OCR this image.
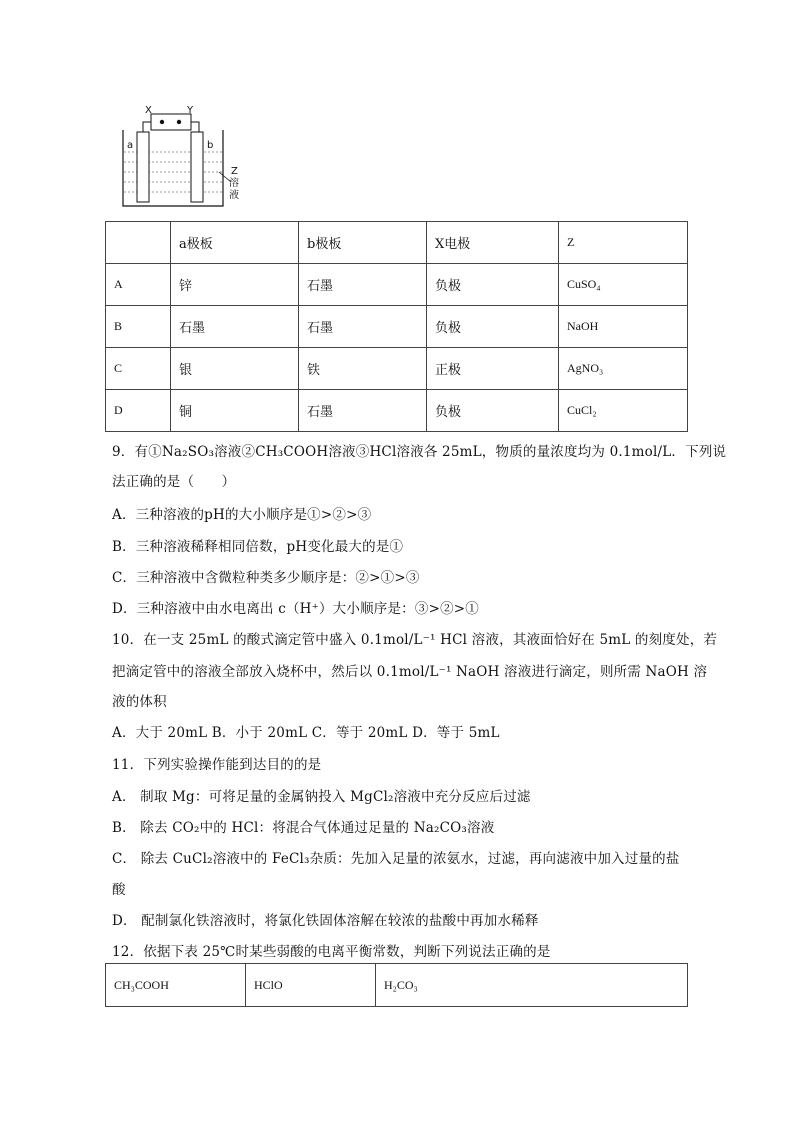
X	Y
a	b
Z
溶
液
	a极板	b极板	X电极	Z
A	锌	石墨	负极	CuSO₄
B	石墨	石墨	负极	NaOH
C	银	铁	正极	AgNO₃
D	铜	石墨	负极	CuCl₂
9．有①Na₂SO₃溶液②CH₃COOH溶液③HCl溶液各 25mL，物质的量浓度均为 0.1mol/L．下列说
法正确的是（　　）
A．三种溶液的pH的大小顺序是①>②>③
B．三种溶液稀释相同倍数，pH变化最大的是①
C．三种溶液中含微粒种类多少顺序是：②>①>③
D．三种溶液中由水电离出 c（H⁺）大小顺序是：③>②>①
10．在一支 25mL 的酸式滴定管中盛入 0.1mol/L⁻¹ HCl 溶液，其液面恰好在 5mL 的刻度处，若
把滴定管中的溶液全部放入烧杯中，然后以 0.1mol/L⁻¹ NaOH 溶液进行滴定，则所需 NaOH 溶
液的体积
A．大于 20mL B．小于 20mL C．等于 20mL D．等于 5mL
11．下列实验操作能到达目的的是
A． 制取 Mg：可将足量的金属钠投入 MgCl₂溶液中充分反应后过滤
B． 除去 CO₂中的 HCl：将混合气体通过足量的 Na₂CO₃溶液
C． 除去 CuCl₂溶液中的 FeCl₃杂质：先加入足量的浓氨水，过滤，再向滤液中加入过量的盐
酸
D． 配制氯化铁溶液时，将氯化铁固体溶解在较浓的盐酸中再加水稀释
12．依据下表 25℃时某些弱酸的电离平衡常数，判断下列说法正确的是
CH₃COOH	HClO	H₂CO₃
